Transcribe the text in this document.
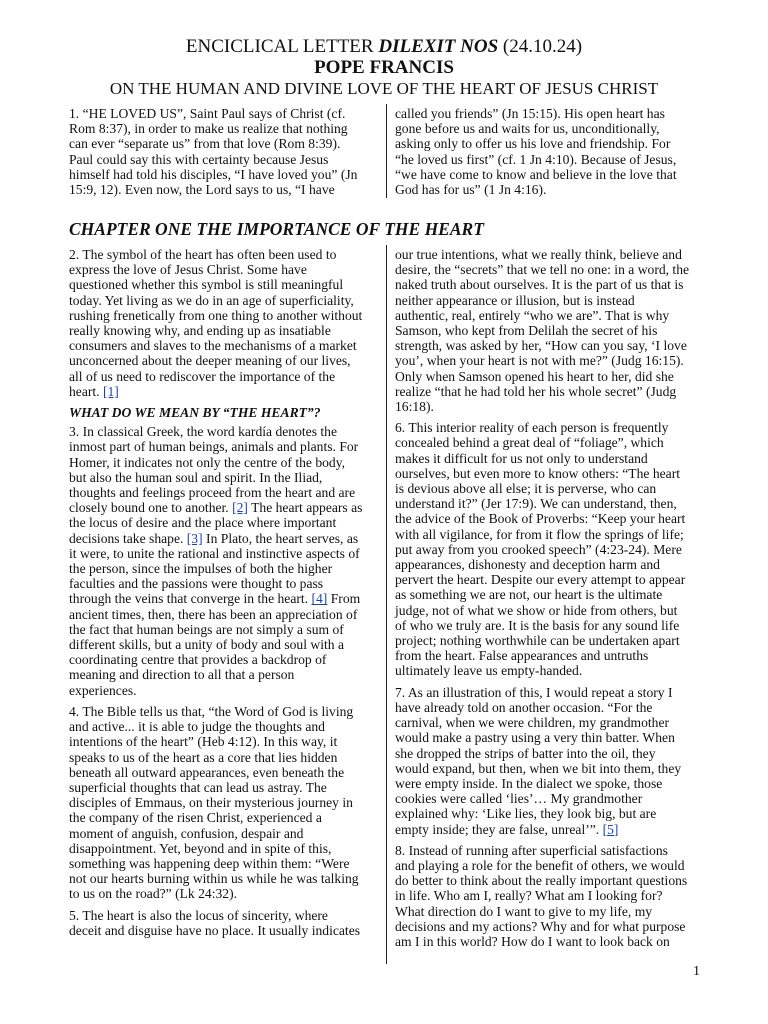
ENCICLICAL LETTER DILEXIT NOS (24.10.24)
POPE FRANCIS
ON THE HUMAN AND DIVINE LOVE OF THE HEART OF JESUS CHRIST
1. “HE LOVED US”, Saint Paul says of Christ (cf.
Rom 8:37), in order to make us realize that nothing
can ever “separate us” from that love (Rom 8:39).
Paul could say this with certainty because Jesus
himself had told his disciples, “I have loved you” (Jn
15:9, 12). Even now, the Lord says to us, “I have
called you friends” (Jn 15:15). His open heart has
gone before us and waits for us, unconditionally,
asking only to offer us his love and friendship. For
“he loved us first” (cf. 1 Jn 4:10). Because of Jesus,
“we have come to know and believe in the love that
God has for us” (1 Jn 4:16).
CHAPTER ONE THE IMPORTANCE OF THE HEART

2. The symbol of the heart has often been used to
express the love of Jesus Christ. Some have
questioned whether this symbol is still meaningful
today. Yet living as we do in an age of superficiality,
rushing frenetically from one thing to another without
really knowing why, and ending up as insatiable
consumers and slaves to the mechanisms of a market
unconcerned about the deeper meaning of our lives,
all of us need to rediscover the importance of the
heart. [1]

WHAT DO WE MEAN BY “THE HEART”?

3. In classical Greek, the word kardía denotes the
inmost part of human beings, animals and plants. For
Homer, it indicates not only the centre of the body,
but also the human soul and spirit. In the Iliad,
thoughts and feelings proceed from the heart and are
closely bound one to another. [2] The heart appears as
the locus of desire and the place where important
decisions take shape. [3] In Plato, the heart serves, as
it were, to unite the rational and instinctive aspects of
the person, since the impulses of both the higher
faculties and the passions were thought to pass
through the veins that converge in the heart. [4] From
ancient times, then, there has been an appreciation of
the fact that human beings are not simply a sum of
different skills, but a unity of body and soul with a
coordinating centre that provides a backdrop of
meaning and direction to all that a person
experiences.

4. The Bible tells us that, “the Word of God is living
and active... it is able to judge the thoughts and
intentions of the heart” (Heb 4:12). In this way, it
speaks to us of the heart as a core that lies hidden
beneath all outward appearances, even beneath the
superficial thoughts that can lead us astray. The
disciples of Emmaus, on their mysterious journey in
the company of the risen Christ, experienced a
moment of anguish, confusion, despair and
disappointment. Yet, beyond and in spite of this,
something was happening deep within them: “Were
not our hearts burning within us while he was talking
to us on the road?” (Lk 24:32).

5. The heart is also the locus of sincerity, where
deceit and disguise have no place. It usually indicates

our true intentions, what we really think, believe and
desire, the “secrets” that we tell no one: in a word, the
naked truth about ourselves. It is the part of us that is
neither appearance or illusion, but is instead
authentic, real, entirely “who we are”. That is why
Samson, who kept from Delilah the secret of his
strength, was asked by her, “How can you say, ‘I love
you’, when your heart is not with me?” (Judg 16:15).
Only when Samson opened his heart to her, did she
realize “that he had told her his whole secret” (Judg
16:18).

6. This interior reality of each person is frequently
concealed behind a great deal of “foliage”, which
makes it difficult for us not only to understand
ourselves, but even more to know others: “The heart
is devious above all else; it is perverse, who can
understand it?” (Jer 17:9). We can understand, then,
the advice of the Book of Proverbs: “Keep your heart
with all vigilance, for from it flow the springs of life;
put away from you crooked speech” (4:23-24). Mere
appearances, dishonesty and deception harm and
pervert the heart. Despite our every attempt to appear
as something we are not, our heart is the ultimate
judge, not of what we show or hide from others, but
of who we truly are. It is the basis for any sound life
project; nothing worthwhile can be undertaken apart
from the heart. False appearances and untruths
ultimately leave us empty-handed.

7. As an illustration of this, I would repeat a story I
have already told on another occasion. “For the
carnival, when we were children, my grandmother
would make a pastry using a very thin batter. When
she dropped the strips of batter into the oil, they
would expand, but then, when we bit into them, they
were empty inside. In the dialect we spoke, those
cookies were called ‘lies’… My grandmother
explained why: ‘Like lies, they look big, but are
empty inside; they are false, unreal’”. [5]

8. Instead of running after superficial satisfactions
and playing a role for the benefit of others, we would
do better to think about the really important questions
in life. Who am I, really? What am I looking for?
What direction do I want to give to my life, my
decisions and my actions? Why and for what purpose
am I in this world? How do I want to look back on

1
